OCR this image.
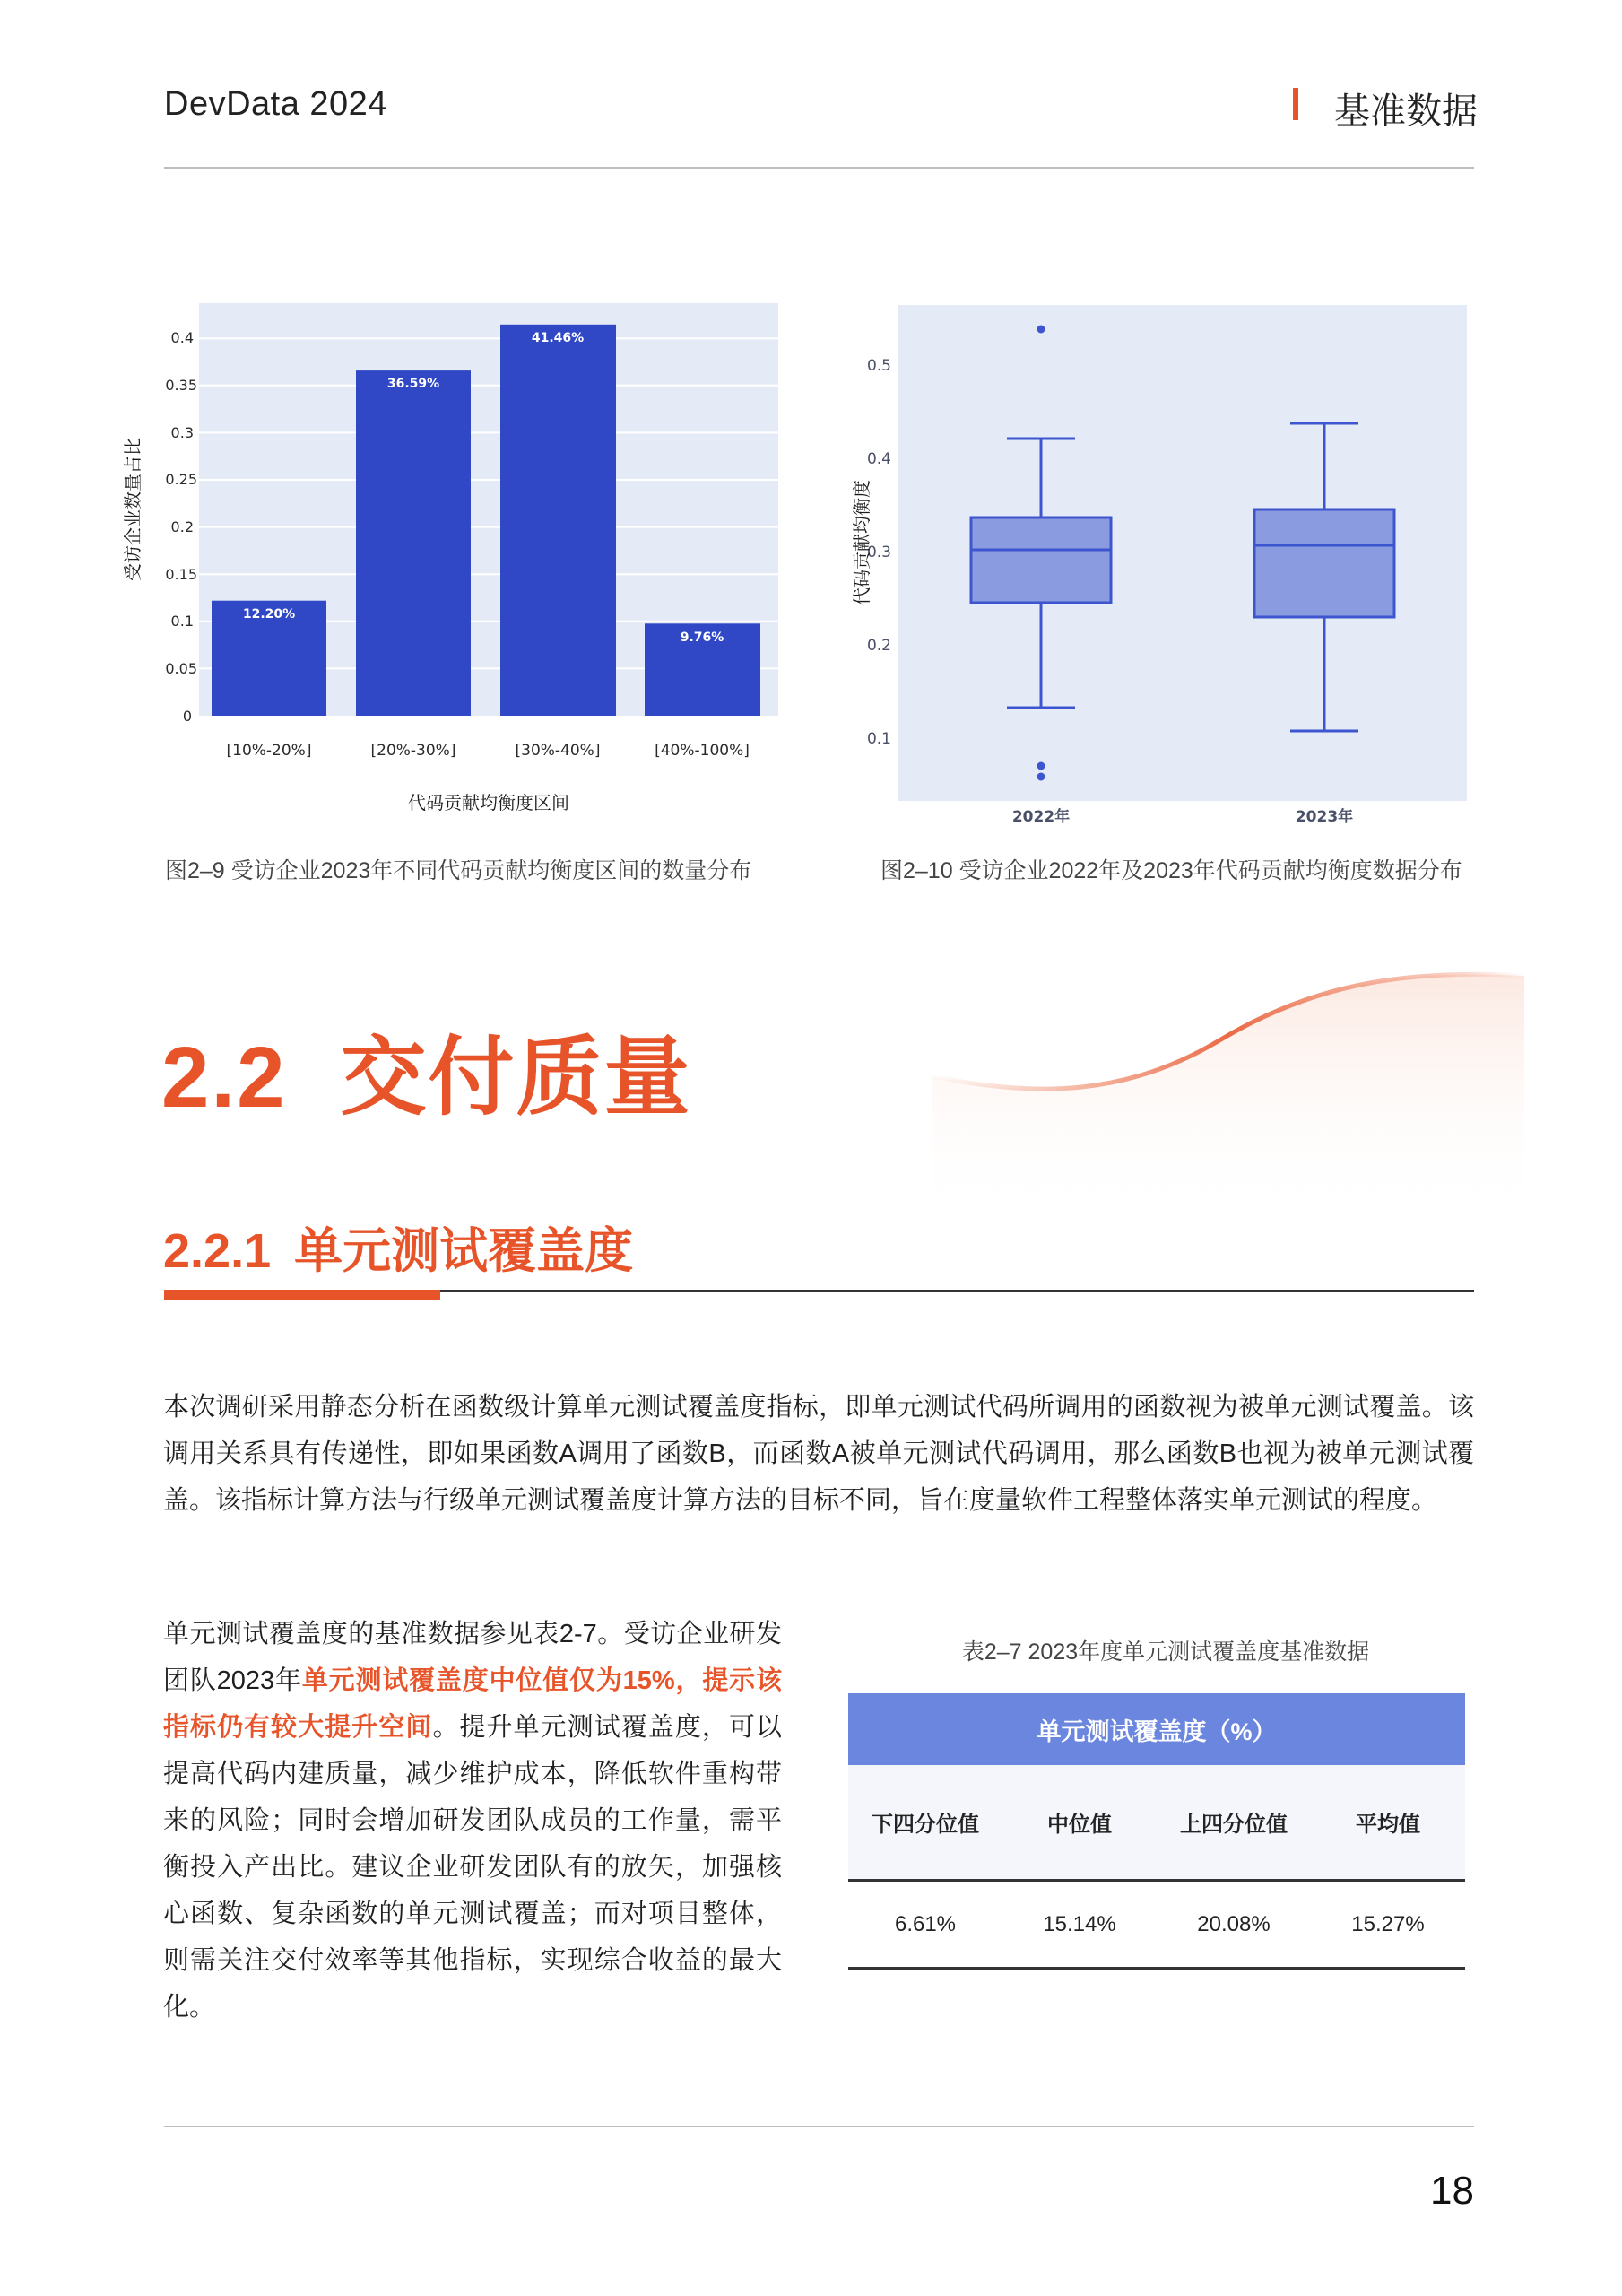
DevData 2024	基准数据
0
0.05
0.1
0.15
0.2
0.25
0.3
0.35
0.4
12.20%
36.59%
41.46%
9.76%
[10%-20%]	[20%-30%]	[30%-40%]	[40%-100%]
代码贡献均衡度区间
受访企业数量占比
图2–9 受访企业2023年不同代码贡献均衡度区间的数量分布
0.1
0.2
0.3
0.4
0.5
2022年	2023年
代码贡献均衡度
图2–10 受访企业2022年及2023年代码贡献均衡度数据分布
2.2 交付质量
2.2.1 单元测试覆盖度

本次调研采用静态分析在函数级计算单元测试覆盖度指标，即单元测试代码所调用的函数视为被单元测试覆盖。该调用关系具有传递性，即如果函数A调用了函数B，而函数A被单元测试代码调用，那么函数B也视为被单元测试覆盖。该指标计算方法与行级单元测试覆盖度计算方法的目标不同，旨在度量软件工程整体落实单元测试的程度。

单元测试覆盖度的基准数据参见表2-7。受访企业研发团队2023年单元测试覆盖度中位值仅为15%，提示该指标仍有较大提升空间。提升单元测试覆盖度，可以提高代码内建质量，减少维护成本，降低软件重构带来的风险；同时会增加研发团队成员的工作量，需平衡投入产出比。建议企业研发团队有的放矢，加强核心函数、复杂函数的单元测试覆盖；而对项目整体，则需关注交付效率等其他指标，实现综合收益的最大化。

表2–7 2023年度单元测试覆盖度基准数据
单元测试覆盖度（%）
下四分位值	中位值	上四分位值	平均值
6.61%	15.14%	20.08%	15.27%
18
